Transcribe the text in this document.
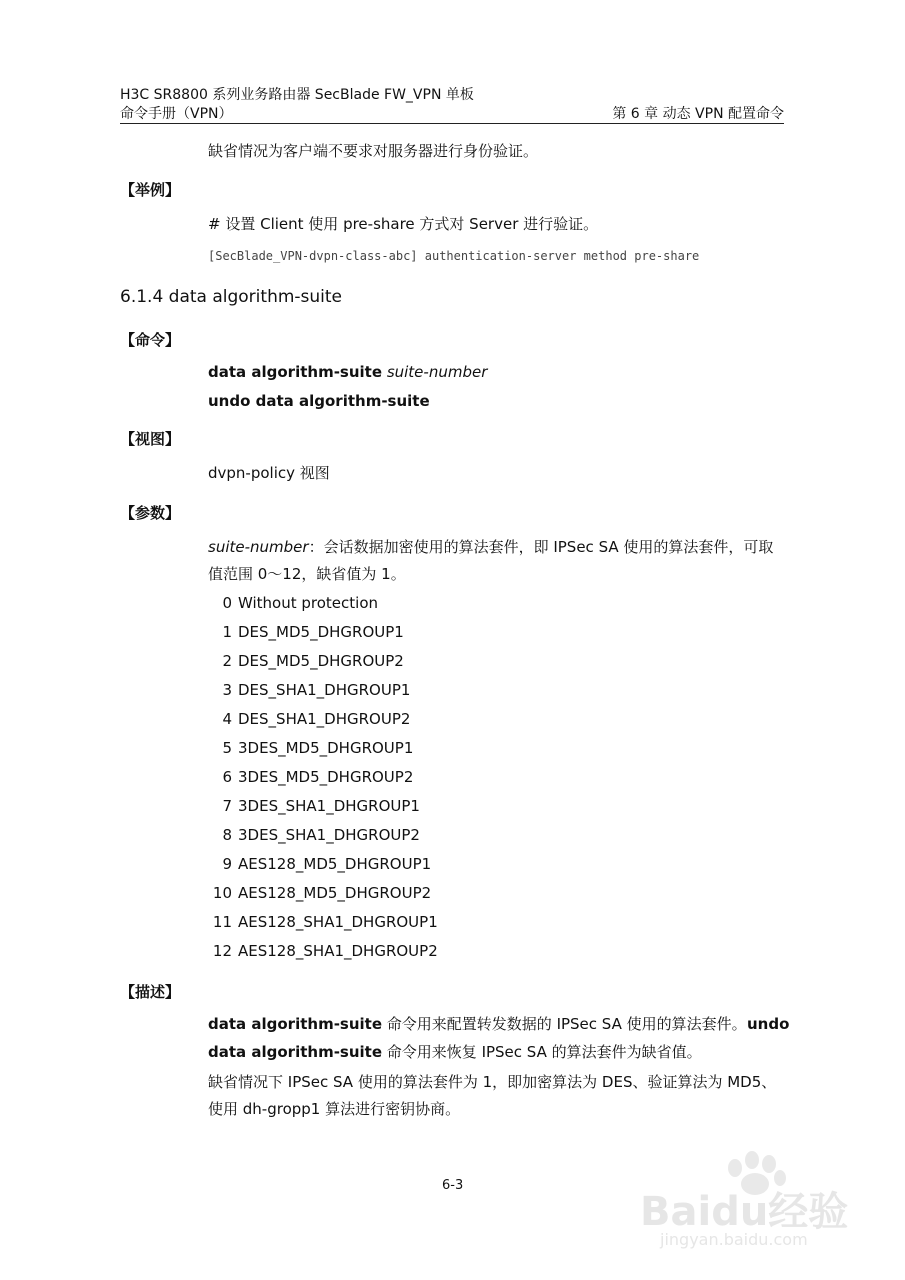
H3C SR8800 系列业务路由器 SecBlade FW_VPN 单板
命令手册（VPN）	第 6 章 动态 VPN 配置命令
缺省情况为客户端不要求对服务器进行身份验证。
【举例】
# 设置 Client 使用 pre-share 方式对 Server 进行验证。
[SecBlade_VPN-dvpn-class-abc] authentication-server method pre-share
6.1.4 data algorithm-suite
【命令】
data algorithm-suite suite-number
undo data algorithm-suite
【视图】
dvpn-policy 视图
【参数】
suite-number：会话数据加密使用的算法套件，即 IPSec SA 使用的算法套件，可取
值范围 0～12，缺省值为 1。
0 Without protection
1 DES_MD5_DHGROUP1
2 DES_MD5_DHGROUP2
3 DES_SHA1_DHGROUP1
4 DES_SHA1_DHGROUP2
5 3DES_MD5_DHGROUP1
6 3DES_MD5_DHGROUP2
7 3DES_SHA1_DHGROUP1
8 3DES_SHA1_DHGROUP2
9 AES128_MD5_DHGROUP1
10 AES128_MD5_DHGROUP2
11 AES128_SHA1_DHGROUP1
12 AES128_SHA1_DHGROUP2
【描述】
data algorithm-suite 命令用来配置转发数据的 IPSec SA 使用的算法套件。 undo
data algorithm-suite 命令用来恢复 IPSec SA 的算法套件为缺省值。
缺省情况下 IPSec SA 使用的算法套件为 1，即加密算法为 DES、验证算法为 MD5、
使用 dh-gropp1 算法进行密钥协商。
6-3
Baidu经验
jingyan.baidu.com
